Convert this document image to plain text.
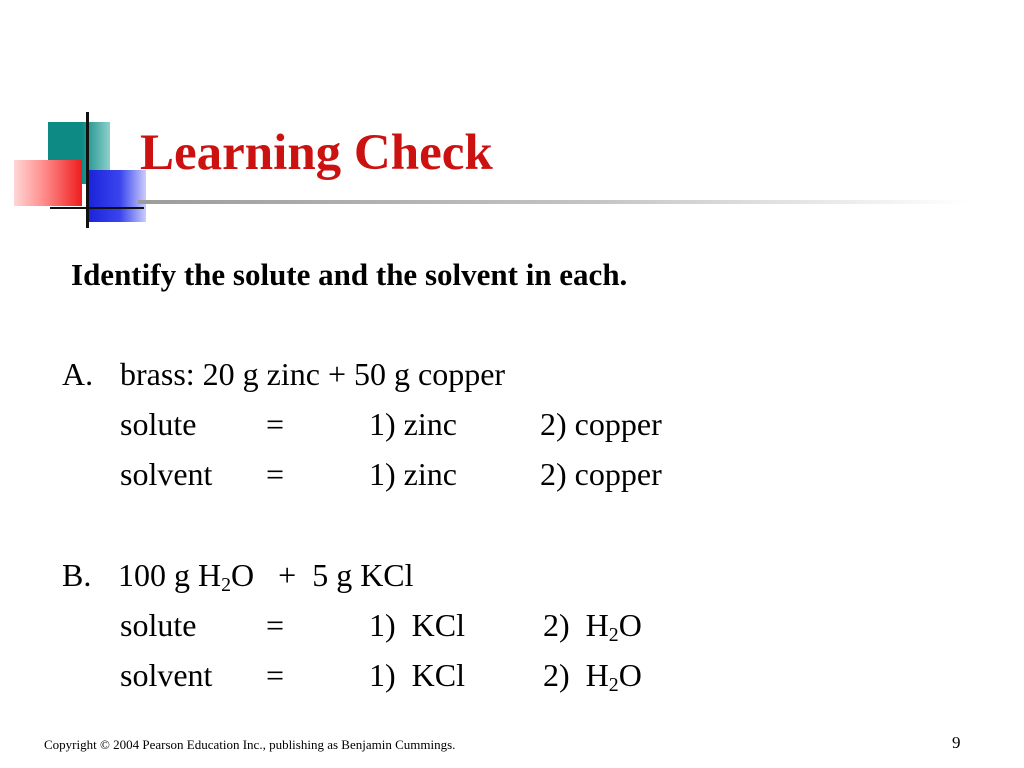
Learning Check
Identify the solute and the solvent in each.
A. brass: 20 g zinc + 50 g copper
solute =	1) zinc	2) copper
solvent =	1) zinc	2) copper
B. 100 g $H_2O + 5$ g KCl
solute =	1)  KCl 2)  $H_2O$
solvent =	1)  KCl 2)  $H_2O$
Copyright © 2004 Pearson Education Inc., publishing as Benjamin Cummings.	9
